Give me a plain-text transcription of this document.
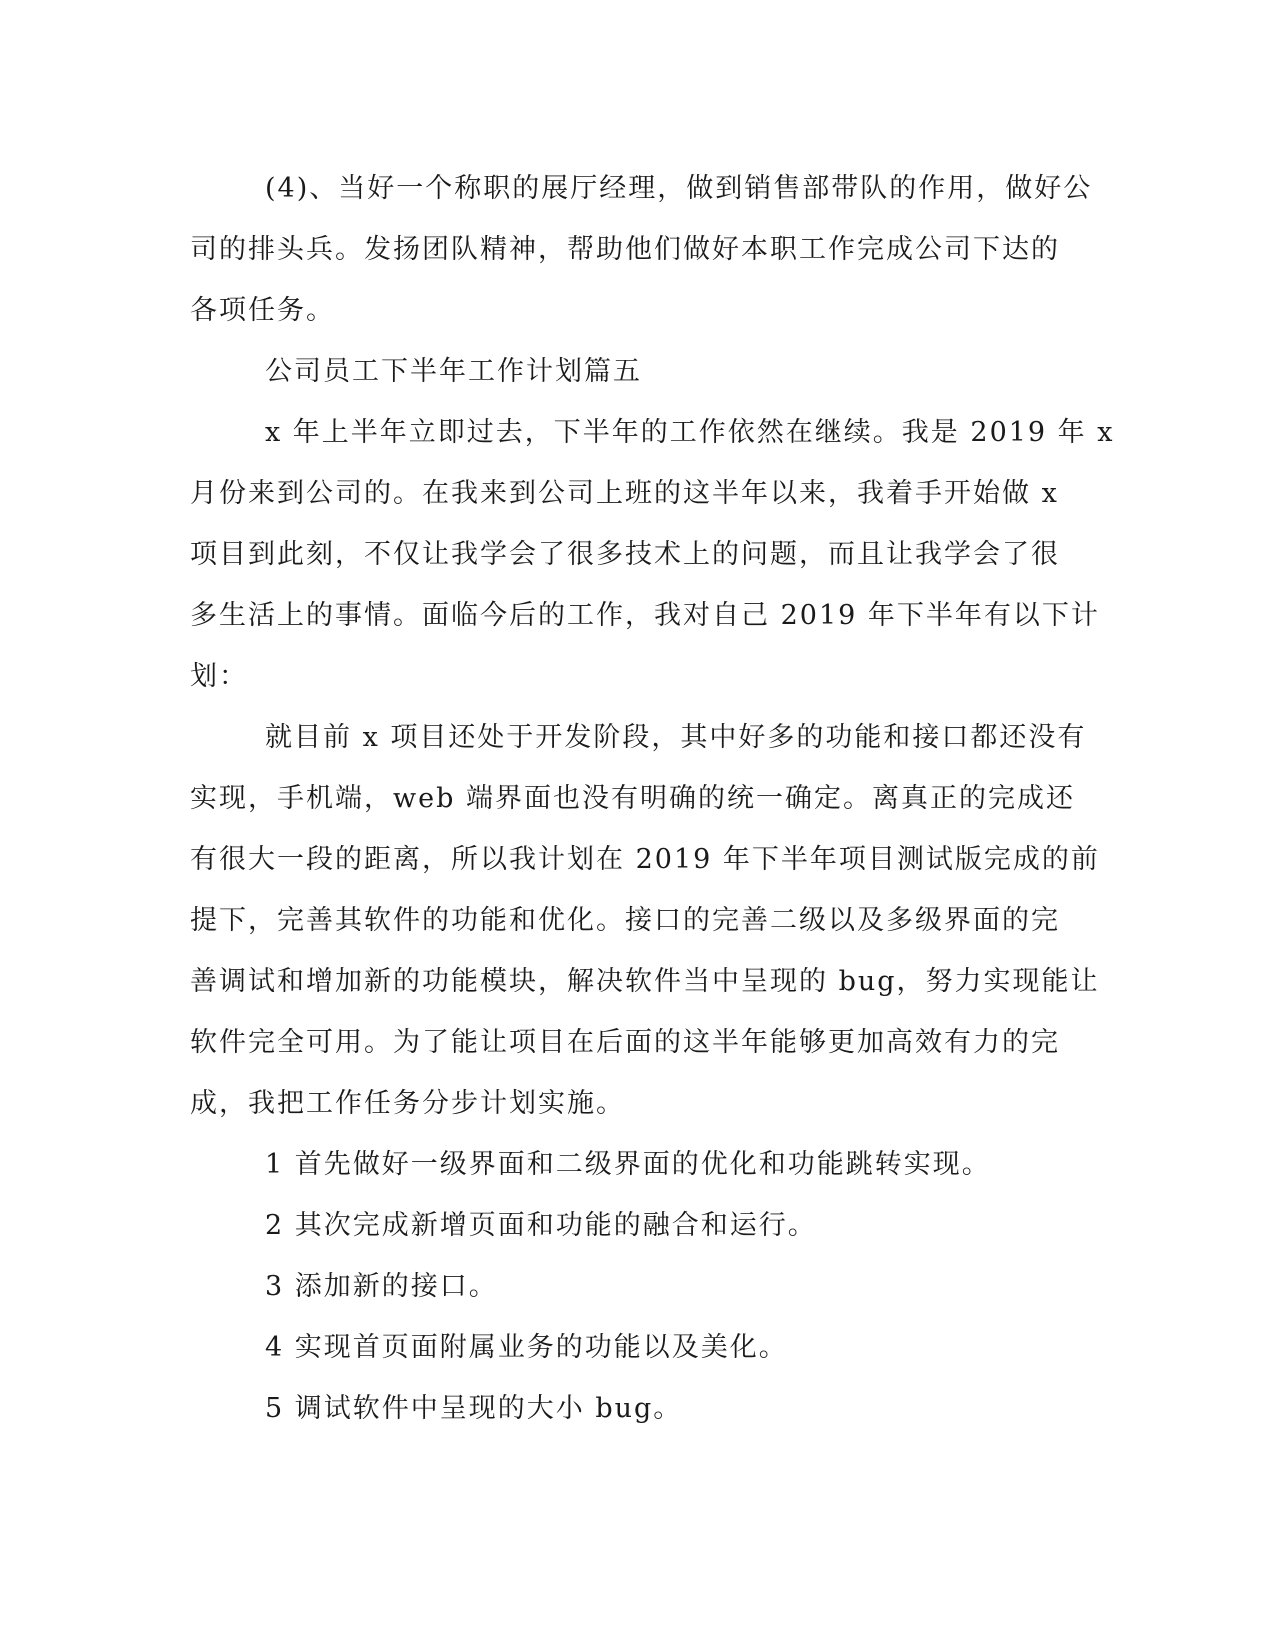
(4)、当好一个称职的展厅经理，做到销售部带队的作用，做好公
司的排头兵。发扬团队精神，帮助他们做好本职工作完成公司下达的
各项任务。

公司员工下半年工作计划篇五

x 年上半年立即过去，下半年的工作依然在继续。我是 2019 年 x
月份来到公司的。在我来到公司上班的这半年以来，我着手开始做 x
项目到此刻，不仅让我学会了很多技术上的问题，而且让我学会了很
多生活上的事情。面临今后的工作，我对自己 2019 年下半年有以下计
划：

就目前 x 项目还处于开发阶段，其中好多的功能和接口都还没有
实现，手机端，web 端界面也没有明确的统一确定。离真正的完成还
有很大一段的距离，所以我计划在 2019 年下半年项目测试版完成的前
提下，完善其软件的功能和优化。接口的完善二级以及多级界面的完
善调试和增加新的功能模块，解决软件当中呈现的 bug，努力实现能让
软件完全可用。为了能让项目在后面的这半年能够更加高效有力的完
成，我把工作任务分步计划实施。

1 首先做好一级界面和二级界面的优化和功能跳转实现。

2 其次完成新增页面和功能的融合和运行。

3 添加新的接口。

4 实现首页面附属业务的功能以及美化。

5 调试软件中呈现的大小 bug。
